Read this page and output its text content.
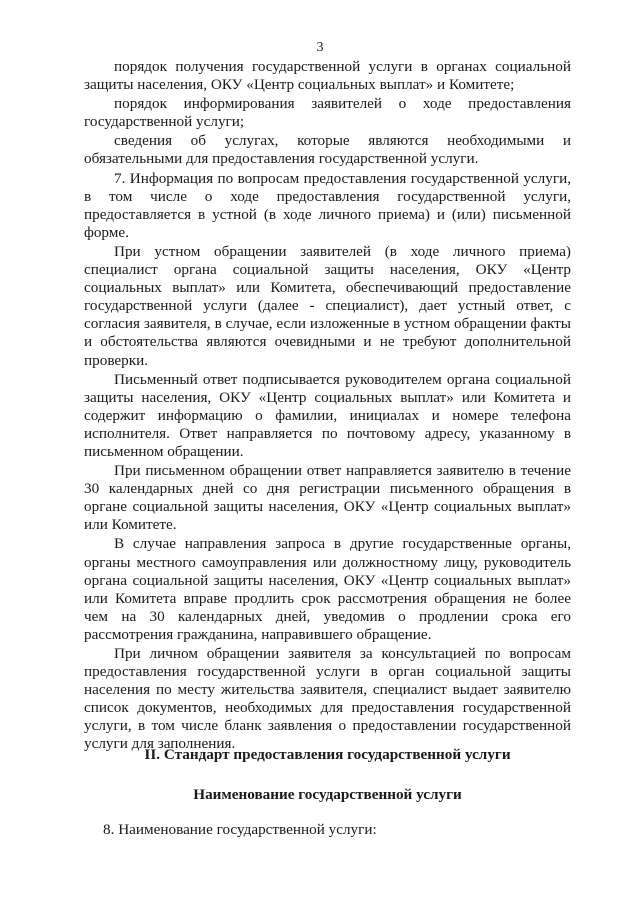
3

порядок получения государственной услуги в органах социальной защиты населения, ОКУ «Центр социальных выплат» и Комитете;

порядок информирования заявителей о ходе предоставления государственной услуги;

сведения об услугах, которые являются необходимыми и обязательными для предоставления государственной услуги.

7. Информация по вопросам предоставления государственной услуги, в том числе о ходе предоставления государственной услуги, предоставляется в устной (в ходе личного приема) и (или) письменной форме.

При устном обращении заявителей (в ходе личного приема) специалист органа социальной защиты населения, ОКУ «Центр социальных выплат» или Комитета, обеспечивающий предоставление государственной услуги (далее - специалист), дает устный ответ, с согласия заявителя, в случае, если изложенные в устном обращении факты и обстоятельства являются очевидными и не требуют дополнительной проверки.

Письменный ответ подписывается руководителем органа социальной защиты населения, ОКУ «Центр социальных выплат» или Комитета и содержит информацию о фамилии, инициалах и номере телефона исполнителя. Ответ направляется по почтовому адресу, указанному в письменном обращении.

При письменном обращении ответ направляется заявителю в течение 30 календарных дней со дня регистрации письменного обращения в органе социальной защиты населения, ОКУ «Центр социальных выплат» или Комитете.

В случае направления запроса в другие государственные органы, органы местного самоуправления или должностному лицу, руководитель органа социальной защиты населения, ОКУ «Центр социальных выплат» или Комитета вправе продлить срок рассмотрения обращения не более чем на 30 календарных дней, уведомив о продлении срока его рассмотрения гражданина, направившего обращение.

При личном обращении заявителя за консультацией по вопросам предоставления государственной услуги в орган социальной защиты населения по месту жительства заявителя, специалист выдает заявителю список документов, необходимых для предоставления государственной услуги, в том числе бланк заявления о предоставлении государственной услуги для заполнения.

II. Стандарт предоставления государственной услуги
Наименование государственной услуги
8. Наименование государственной услуги:
